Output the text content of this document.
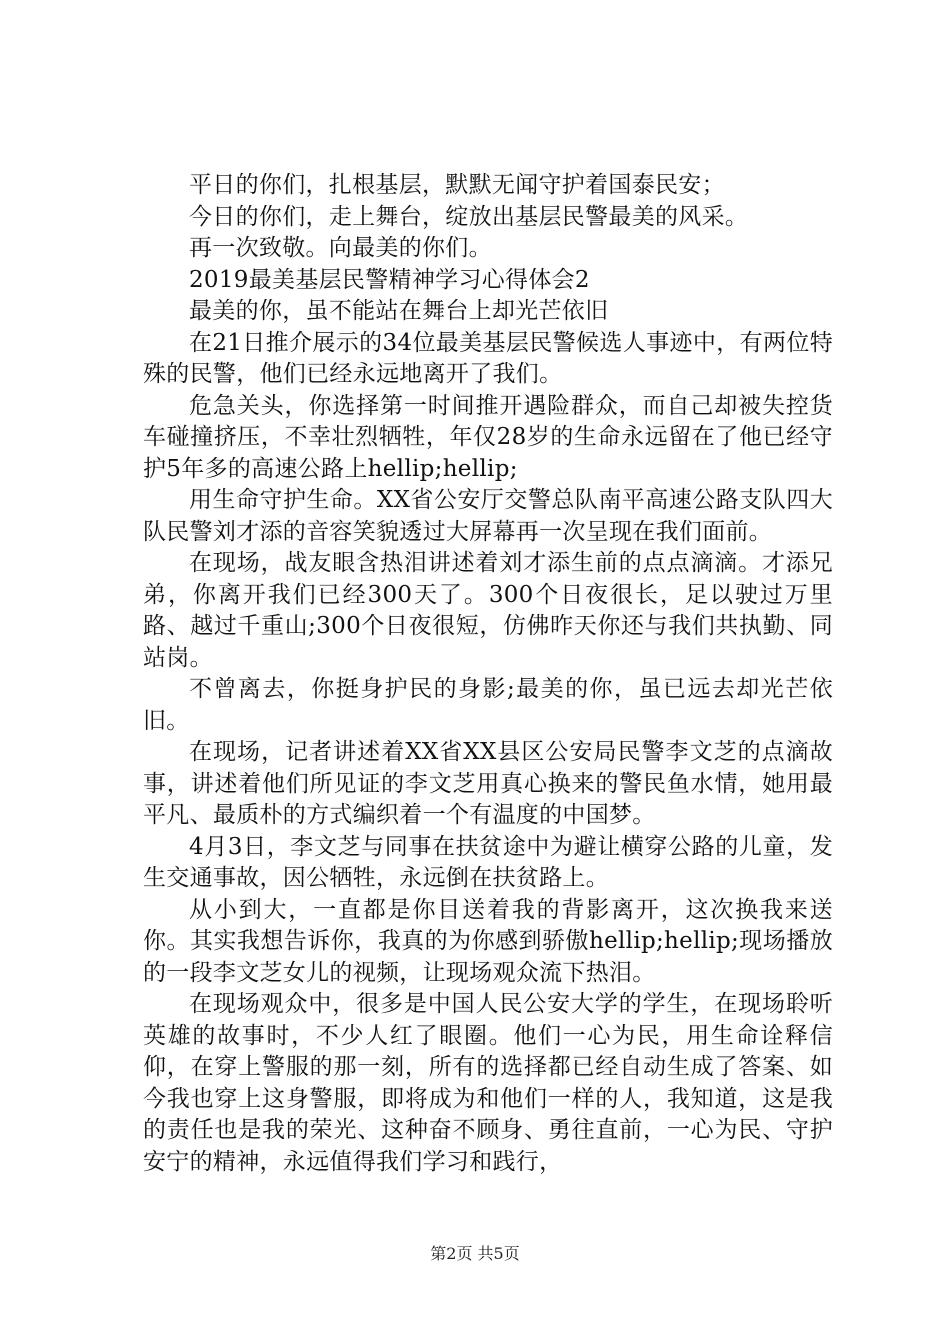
平日的你们，扎根基层，默默无闻守护着国泰民安；

今日的你们，走上舞台，绽放出基层民警最美的风采。

再一次致敬。向最美的你们。

2019最美基层民警精神学习心得体会2

最美的你，虽不能站在舞台上却光芒依旧

在21日推介展示的34位最美基层民警候选人事迹中，有两位特殊的民警，他们已经永远地离开了我们。

危急关头，你选择第一时间推开遇险群众，而自己却被失控货车碰撞挤压，不幸壮烈牺牲，年仅28岁的生命永远留在了他已经守护5年多的高速公路上hellip;hellip;

用生命守护生命。XX省公安厅交警总队南平高速公路支队四大队民警刘才添的音容笑貌透过大屏幕再一次呈现在我们面前。

在现场，战友眼含热泪讲述着刘才添生前的点点滴滴。才添兄弟，你离开我们已经300天了。300个日夜很长，足以驶过万里路、越过千重山;300个日夜很短，仿佛昨天你还与我们共执勤、同站岗。

不曾离去，你挺身护民的身影;最美的你，虽已远去却光芒依旧。

在现场，记者讲述着XX省XX县区公安局民警李文芝的点滴故事，讲述着他们所见证的李文芝用真心换来的警民鱼水情，她用最平凡、最质朴的方式编织着一个有温度的中国梦。

4月3日，李文芝与同事在扶贫途中为避让横穿公路的儿童，发生交通事故，因公牺牲，永远倒在扶贫路上。

从小到大，一直都是你目送着我的背影离开，这次换我来送你。其实我想告诉你，我真的为你感到骄傲hellip;hellip;现场播放的一段李文芝女儿的视频，让现场观众流下热泪。

在现场观众中，很多是中国人民公安大学的学生，在现场聆听英雄的故事时，不少人红了眼圈。他们一心为民，用生命诠释信仰，在穿上警服的那一刻，所有的选择都已经自动生成了答案、如今我也穿上这身警服，即将成为和他们一样的人，我知道，这是我的责任也是我的荣光、这种奋不顾身、勇往直前，一心为民、守护安宁的精神，永远值得我们学习和践行，

第2页 共5页
